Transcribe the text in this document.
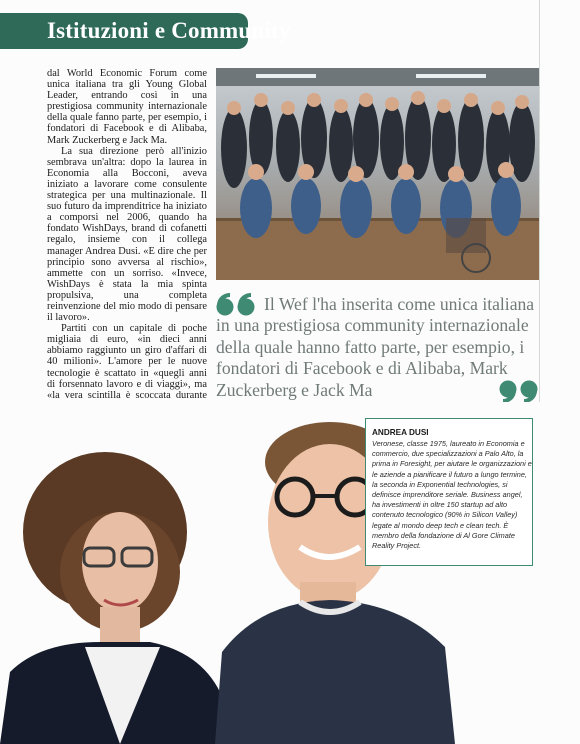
Istituzioni e Community

dal World Economic Forum come unica italiana tra gli Young Global Leader, entrando così in una prestigiosa community internazionale della quale fanno parte, per esempio, i fondatori di Facebook e di Alibaba, Mark Zuckerberg e Jack Ma.

La sua direzione però all'inizio sembrava un'altra: dopo la laurea in Economia alla Bocconi, aveva iniziato a lavorare come consulente strategica per una multinazionale. Il suo futuro da imprenditrice ha iniziato a comporsi nel 2006, quando ha fondato WishDays, brand di cofanetti regalo, insieme con il collega manager Andrea Dusi. «E dire che per principio sono avversa al rischio», ammette con un sorriso. «Invece, WishDays è stata la mia spinta propulsiva, una completa reinvenzione del mio modo di pensare il lavoro».

Partiti con un capitale di poche migliaia di euro, «in dieci anni abbiamo raggiunto un giro d'affari di 40 milioni». L'amore per le nuove tecnologie è scattato in «quegli anni di forsennato lavoro e di viaggi», ma «la vera scintilla è scoccata durante

Il Wef l'ha inserita come unica italiana in una prestigiosa community internazionale della quale hanno fatto parte, per esempio, i fondatori di Facebook e di Alibaba, Mark Zuckerberg e Jack Ma

ANDREA DUSI

Veronese, classe 1975, laureato in Economia e commercio, due specializzazioni a Palo Alto, la prima in Foresight, per aiutare le organizzazioni e le aziende a pianificare il futuro a lungo termine, la seconda in Exponential technologies, si definisce imprenditore seriale. Business angel, ha investimenti in oltre 150 startup ad alto contenuto tecnologico (90% in Silicon Valley) legate al mondo deep tech e clean tech. È membro della fondazione di Al Gore Climate Reality Project.
